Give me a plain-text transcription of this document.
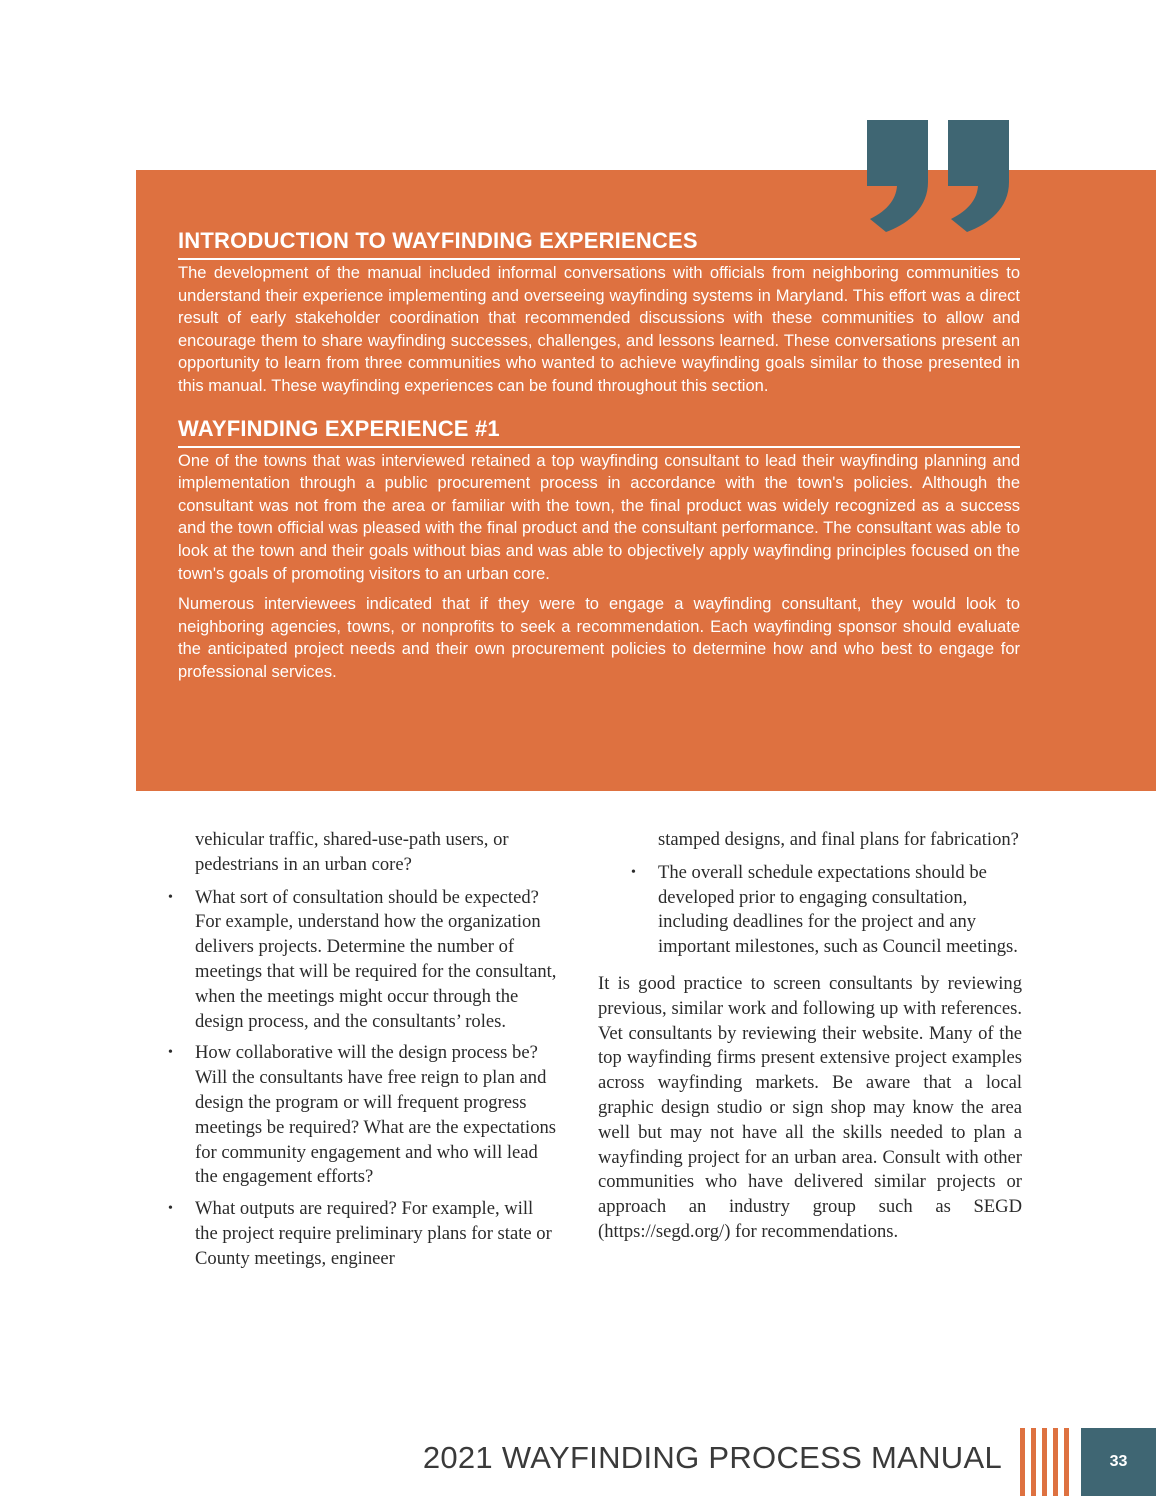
INTRODUCTION TO WAYFINDING EXPERIENCES

The development of the manual included informal conversations with officials from neighboring communities to understand their experience implementing and overseeing wayfinding systems in Maryland. This effort was a direct result of early stakeholder coordination that recommended discussions with these communities to allow and encourage them to share wayfinding successes, challenges, and lessons learned. These conversations present an opportunity to learn from three communities who wanted to achieve wayfinding goals similar to those presented in this manual. These wayfinding experiences can be found throughout this section.

WAYFINDING EXPERIENCE #1

One of the towns that was interviewed retained a top wayfinding consultant to lead their wayfinding planning and implementation through a public procurement process in accordance with the town's policies. Although the consultant was not from the area or familiar with the town, the final product was widely recognized as a success and the town official was pleased with the final product and the consultant performance. The consultant was able to look at the town and their goals without bias and was able to objectively apply wayfinding principles focused on the town's goals of promoting visitors to an urban core.

Numerous interviewees indicated that if they were to engage a wayfinding consultant, they would look to neighboring agencies, towns, or nonprofits to seek a recommendation. Each wayfinding sponsor should evaluate the anticipated project needs and their own procurement policies to determine how and who best to engage for professional services.

vehicular traffic, shared-use-path users, or pedestrians in an urban core?
• What sort of consultation should be expected? For example, understand how the organization delivers projects. Determine the number of meetings that will be required for the consultant, when the meetings might occur through the design process, and the consultants’ roles.
• How collaborative will the design process be? Will the consultants have free reign to plan and design the program or will frequent progress meetings be required? What are the expectations for community engagement and who will lead the engagement efforts?
• What outputs are required? For example, will the project require preliminary plans for state or County meetings, engineer
stamped designs, and final plans for fabrication?
• The overall schedule expectations should be developed prior to engaging consultation, including deadlines for the project and any important milestones, such as Council meetings.

It is good practice to screen consultants by reviewing previous, similar work and following up with references. Vet consultants by reviewing their website. Many of the top wayfinding firms present extensive project examples across wayfinding markets. Be aware that a local graphic design studio or sign shop may know the area well but may not have all the skills needed to plan a wayfinding project for an urban area. Consult with other communities who have delivered similar projects or approach an industry group such as SEGD (https://segd.org/) for recommendations.

2021 WAYFINDING PROCESS MANUAL	33
